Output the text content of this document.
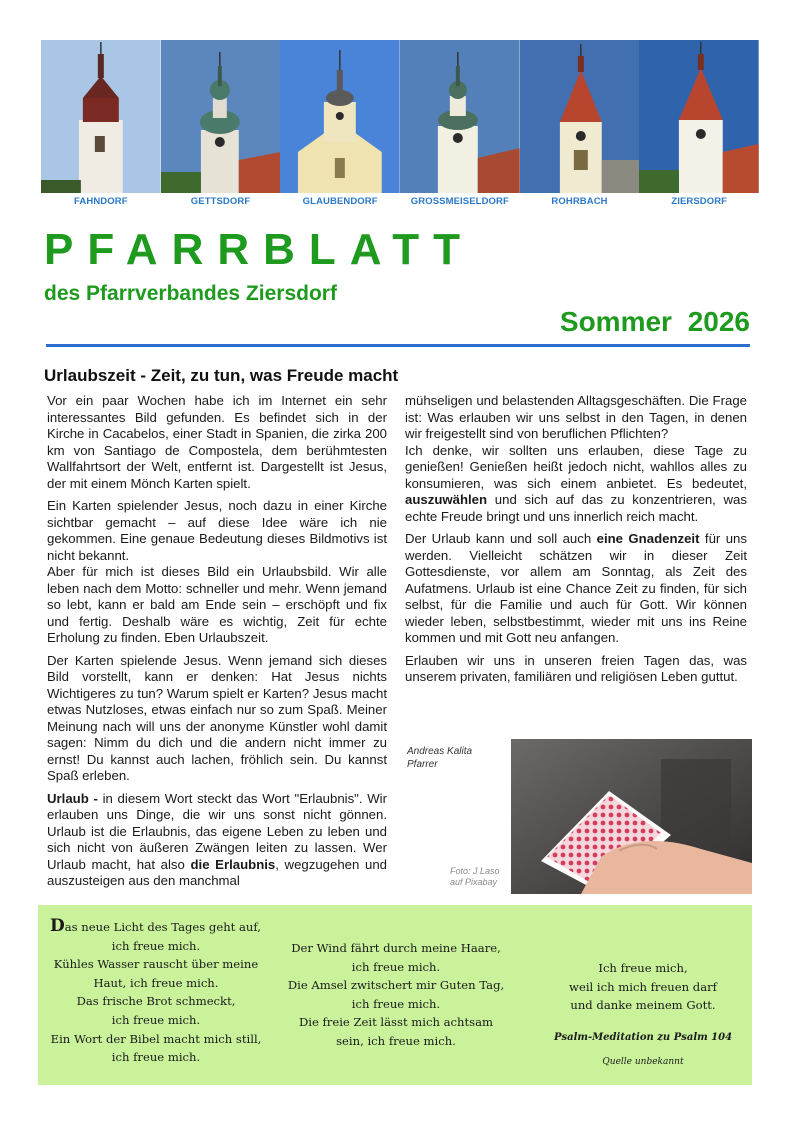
FAHNDORF	GETTSDORF	GLAUBENDORF	GROSSMEISELDORF	ROHRBACH	ZIERSDORF
PFARRBLATT
des Pfarrverbandes Ziersdorf
Sommer 2026
Urlaubszeit - Zeit, zu tun, was Freude macht

Vor ein paar Wochen habe ich im Internet ein sehr interessantes Bild gefunden. Es befindet sich in der Kirche in Cacabelos, einer Stadt in Spanien, die zirka 200 km von Santiago de Compostela, dem berühmtesten Wallfahrtsort der Welt, entfernt ist. Dargestellt ist Jesus, der mit einem Mönch Karten spielt.

Ein Karten spielender Jesus, noch dazu in einer Kirche sichtbar gemacht – auf diese Idee wäre ich nie gekommen. Eine genaue Bedeutung dieses Bildmotivs ist nicht bekannt.

Aber für mich ist dieses Bild ein Urlaubsbild. Wir alle leben nach dem Motto: schneller und mehr. Wenn jemand so lebt, kann er bald am Ende sein – erschöpft und fix und fertig. Deshalb wäre es wichtig, Zeit für echte Erholung zu finden. Eben Urlaubszeit.

Der Karten spielende Jesus. Wenn jemand sich dieses Bild vorstellt, kann er denken: Hat Jesus nichts Wichtigeres zu tun? Warum spielt er Karten? Jesus macht etwas Nutzloses, etwas einfach nur so zum Spaß. Meiner Meinung nach will uns der anonyme Künstler wohl damit sagen: Nimm du dich und die andern nicht immer zu ernst! Du kannst auch lachen, fröhlich sein. Du kannst Spaß erleben.

Urlaub - in diesem Wort steckt das Wort "Erlaubnis". Wir erlauben uns Dinge, die wir uns sonst nicht gönnen. Urlaub ist die Erlaubnis, das eigene Leben zu leben und sich nicht von äußeren Zwängen leiten zu lassen. Wer Urlaub macht, hat also die Erlaubnis, wegzugehen und auszusteigen aus den manchmal

mühseligen und belastenden Alltagsgeschäften. Die Frage ist: Was erlauben wir uns selbst in den Tagen, in denen wir freigestellt sind von beruflichen Pflichten?

Ich denke, wir sollten uns erlauben, diese Tage zu genießen! Genießen heißt jedoch nicht, wahllos alles zu konsumieren, was sich einem anbietet. Es bedeutet, auszuwählen und sich auf das zu konzentrieren, was echte Freude bringt und uns innerlich reich macht.

Der Urlaub kann und soll auch eine Gnadenzeit für uns werden. Vielleicht schätzen wir in dieser Zeit Gottesdienste, vor allem am Sonntag, als Zeit des Aufatmens. Urlaub ist eine Chance Zeit zu finden, für sich selbst, für die Familie und auch für Gott. Wir können wieder leben, selbstbestimmt, wieder mit uns ins Reine kommen und mit Gott neu anfangen.

Erlauben wir uns in unseren freien Tagen das, was unserem privaten, familiären und religiösen Leben guttut.

Andreas Kalita
Pfarrer
Foto: J Laso
auf Pixabay
Das neue Licht des Tages geht auf,
ich freue mich.
Kühles Wasser rauscht über meine
Haut, ich freue mich.
Das frische Brot schmeckt,
ich freue mich.
Ein Wort der Bibel macht mich still,
ich freue mich.
Der Wind fährt durch meine Haare,
ich freue mich.
Die Amsel zwitschert mir Guten Tag,
ich freue mich.
Die freie Zeit lässt mich achtsam
sein, ich freue mich.
Ich freue mich,
weil ich mich freuen darf
und danke meinem Gott.
Psalm-Meditation zu Psalm 104
Quelle unbekannt
